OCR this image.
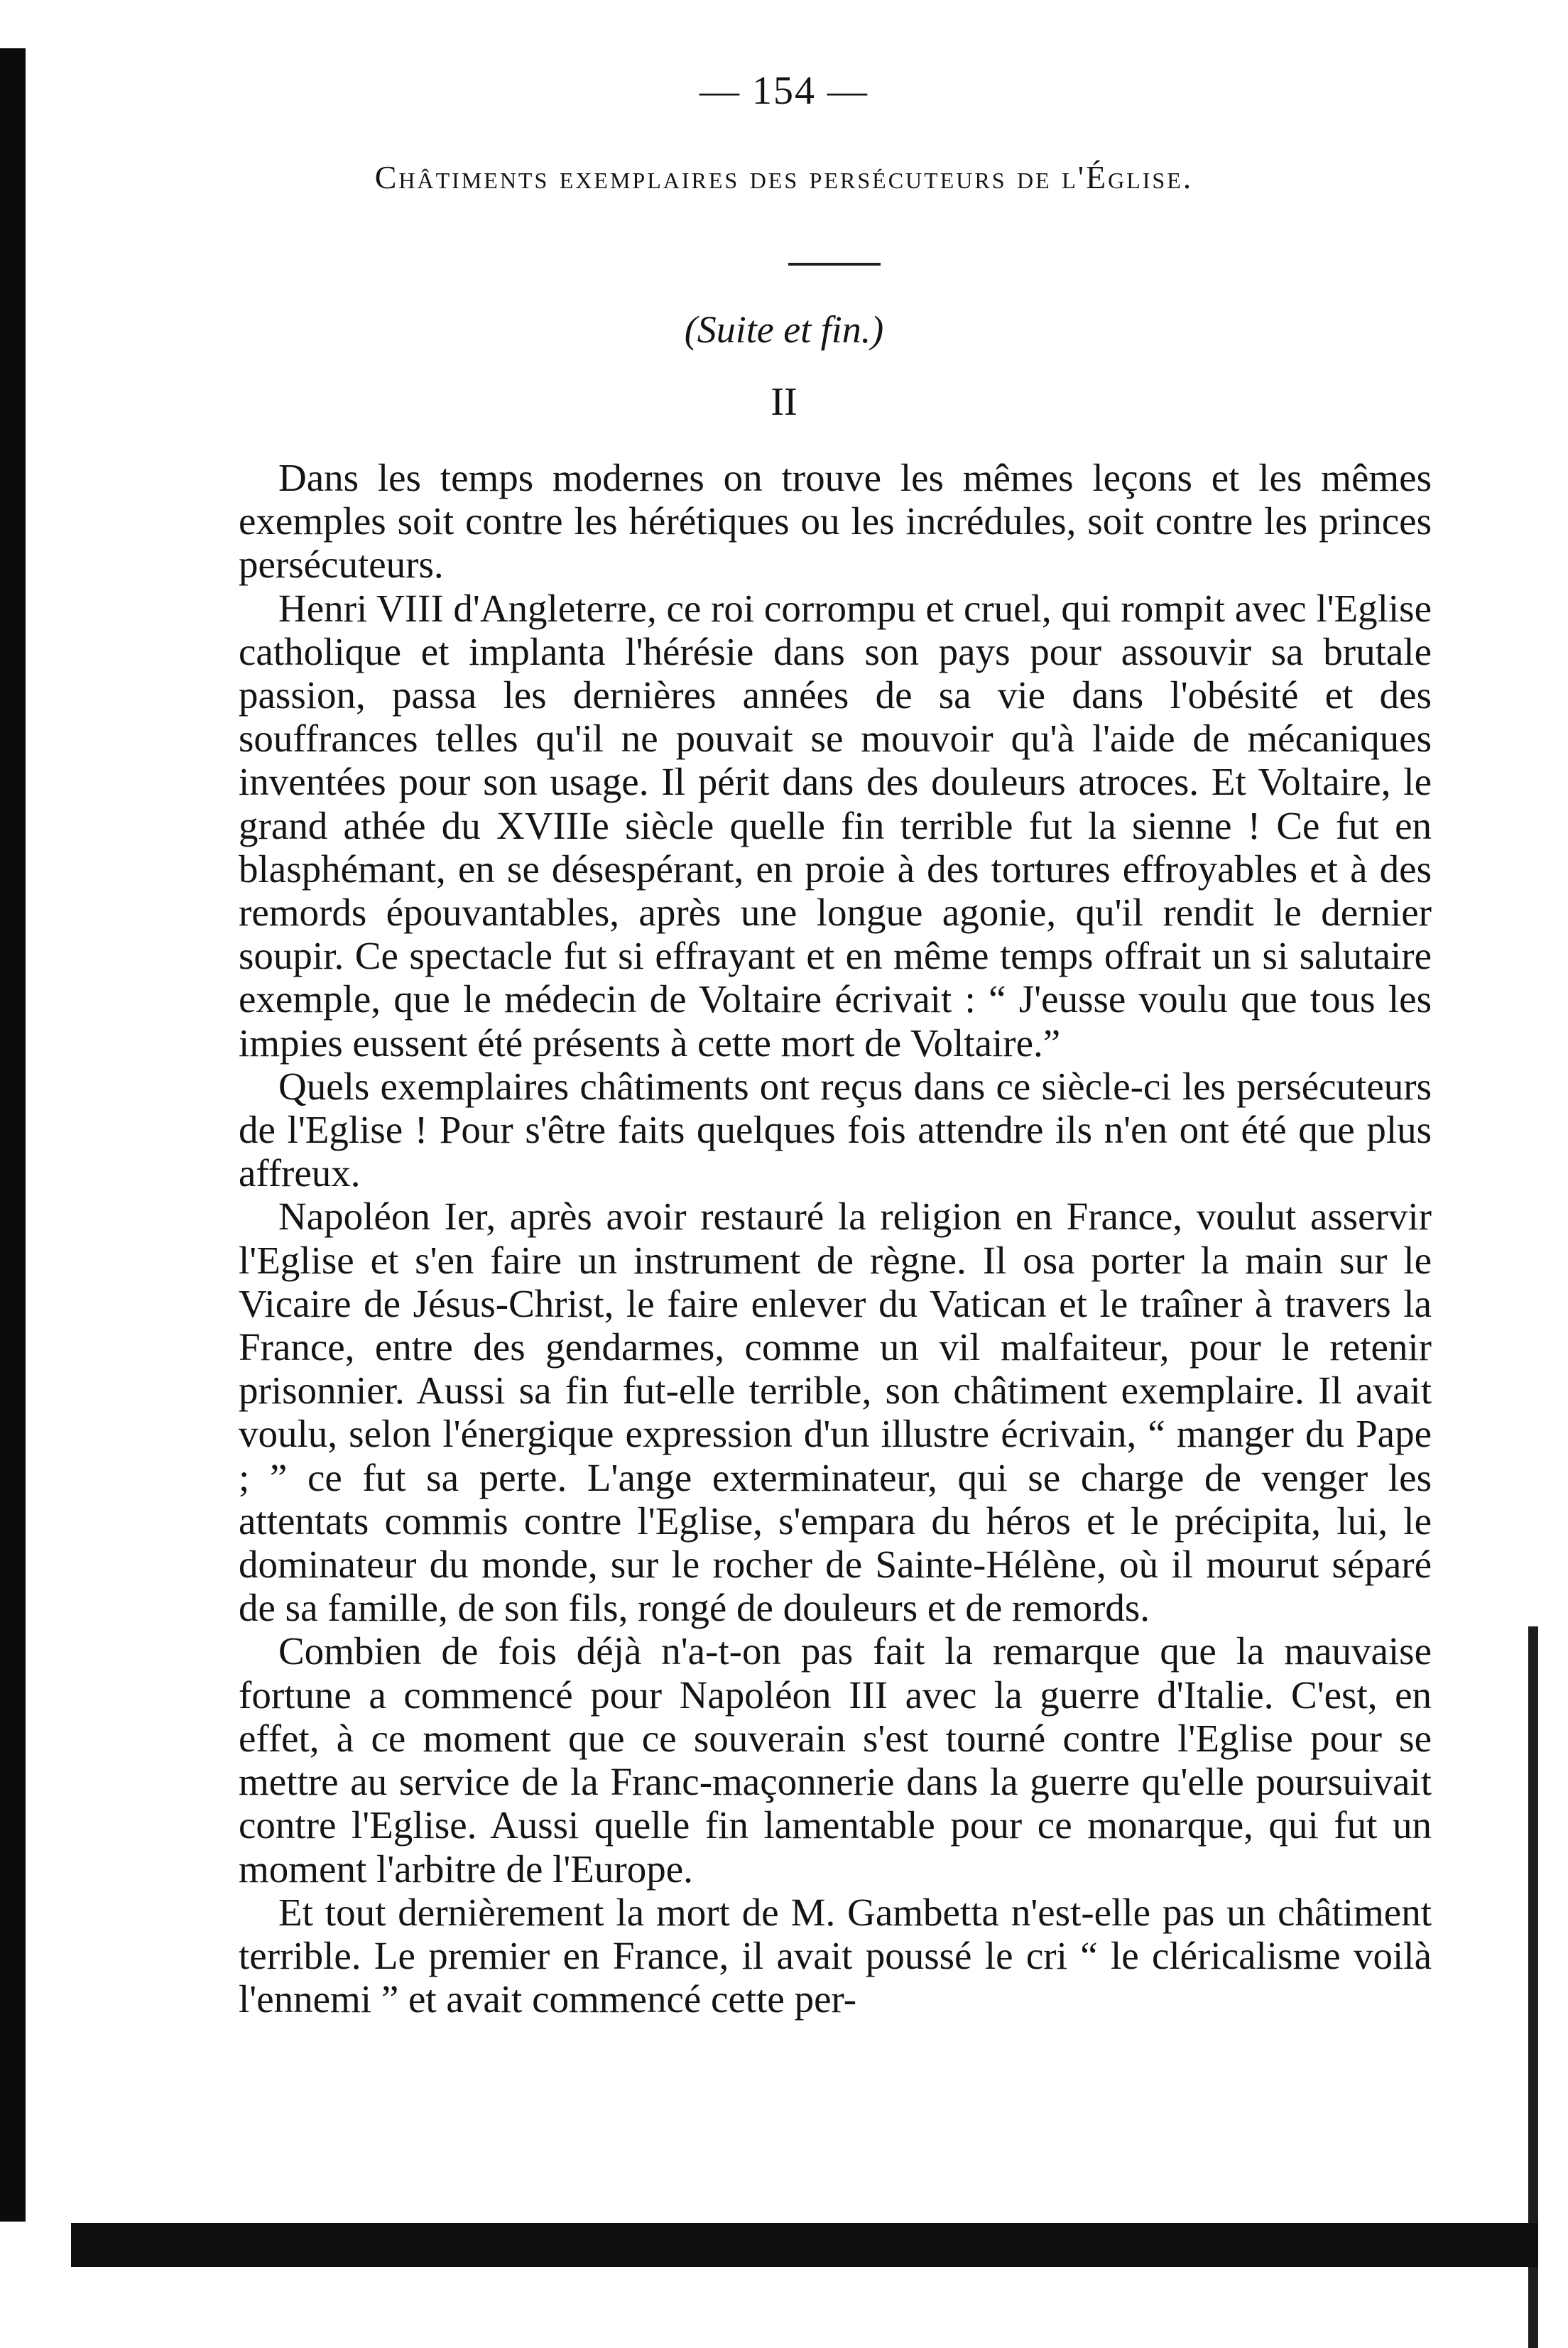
— 154 —
Châtiments exemplaires des persécuteurs de l'Église.
(Suite et fin.)
II

Dans les temps modernes on trouve les mêmes leçons et les mêmes exemples soit contre les hérétiques ou les incrédules, soit contre les princes persécuteurs.

Henri VIII d'Angleterre, ce roi corrompu et cruel, qui rompit avec l'Eglise catholique et implanta l'hérésie dans son pays pour assouvir sa brutale passion, passa les dernières années de sa vie dans l'obésité et des souffrances telles qu'il ne pouvait se mouvoir qu'à l'aide de mécaniques inventées pour son usage. Il périt dans des douleurs atroces. Et Voltaire, le grand athée du XVIIIe siècle quelle fin terrible fut la sienne ! Ce fut en blasphémant, en se désespérant, en proie à des tortures effroyables et à des remords épouvantables, après une longue agonie, qu'il rendit le dernier soupir. Ce spectacle fut si effrayant et en même temps offrait un si salutaire exemple, que le médecin de Voltaire écrivait : “ J'eusse voulu que tous les impies eussent été présents à cette mort de Voltaire.”

Quels exemplaires châtiments ont reçus dans ce siècle-ci les persécuteurs de l'Eglise ! Pour s'être faits quelques fois attendre ils n'en ont été que plus affreux.

Napoléon Ier, après avoir restauré la religion en France, voulut asservir l'Eglise et s'en faire un instrument de règne. Il osa porter la main sur le Vicaire de Jésus-Christ, le faire enlever du Vatican et le traîner à travers la France, entre des gendarmes, comme un vil malfaiteur, pour le retenir prisonnier. Aussi sa fin fut-elle terrible, son châtiment exemplaire. Il avait voulu, selon l'énergique expression d'un illustre écrivain, “ manger du Pape ; ” ce fut sa perte. L'ange exterminateur, qui se charge de venger les attentats commis contre l'Eglise, s'empara du héros et le précipita, lui, le dominateur du monde, sur le rocher de Sainte-Hélène, où il mourut séparé de sa famille, de son fils, rongé de douleurs et de remords.

Combien de fois déjà n'a-t-on pas fait la remarque que la mauvaise fortune a commencé pour Napoléon III avec la guerre d'Italie. C'est, en effet, à ce moment que ce souverain s'est tourné contre l'Eglise pour se mettre au service de la Franc-maçonnerie dans la guerre qu'elle poursuivait contre l'Eglise. Aussi quelle fin lamentable pour ce monarque, qui fut un moment l'arbitre de l'Europe.

Et tout dernièrement la mort de M. Gambetta n'est-elle pas un châtiment terrible. Le premier en France, il avait poussé le cri “ le cléricalisme voilà l'ennemi ” et avait commencé cette per-
